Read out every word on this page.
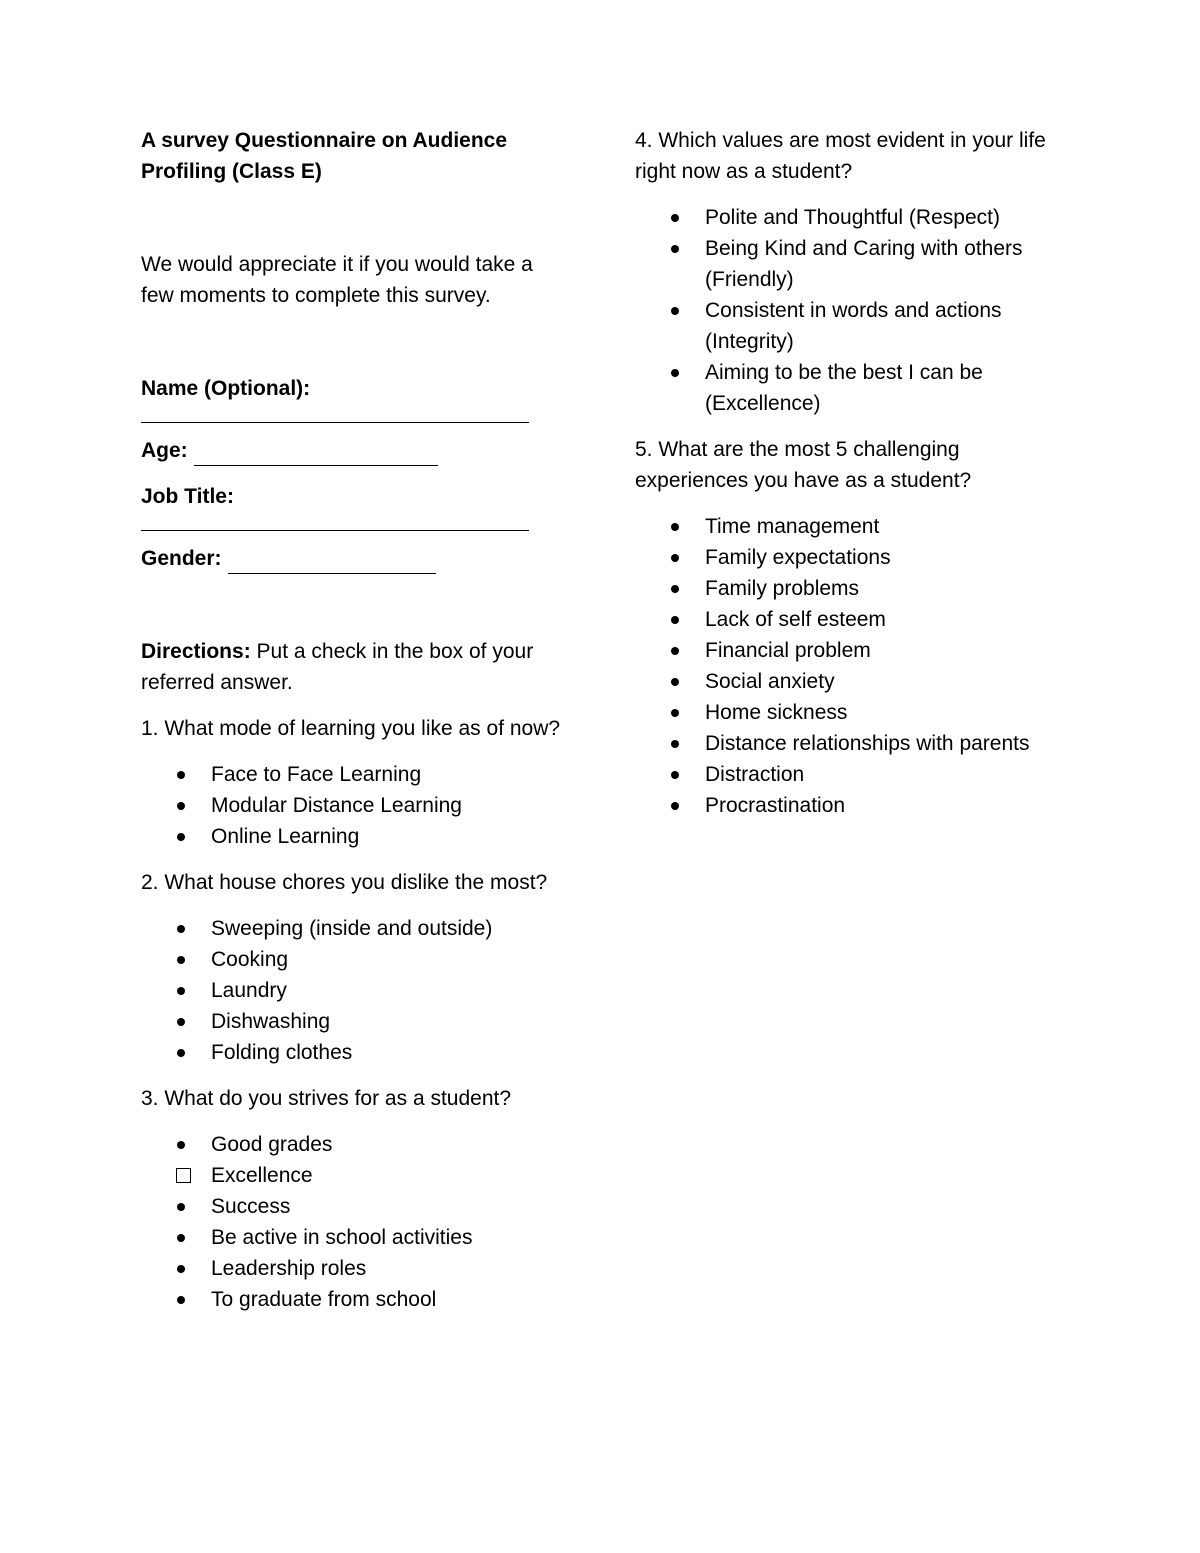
A survey Questionnaire on Audience Profiling (Class E)

We would appreciate it if you would take a few moments to complete this survey.

Name (Optional):

Age:

Job Title:

Gender:

Directions: Put a check in the box of your referred answer.

1. What mode of learning you like as of now?

Face to Face Learning
Modular Distance Learning
Online Learning

2. What house chores you dislike the most?

Sweeping (inside and outside)
Cooking
Laundry
Dishwashing
Folding clothes

3. What do you strives for as a student?

Good grades
Excellence
Success
Be active in school activities
Leadership roles
To graduate from school

4. Which values are most evident in your life right now as a student?

Polite and Thoughtful (Respect)
Being Kind and Caring with others (Friendly)
Consistent in words and actions (Integrity)
Aiming to be the best I can be (Excellence)

5. What are the most 5 challenging experiences you have as a student?

Time management
Family expectations
Family problems
Lack of self esteem
Financial problem
Social anxiety
Home sickness
Distance relationships with parents
Distraction
Procrastination
